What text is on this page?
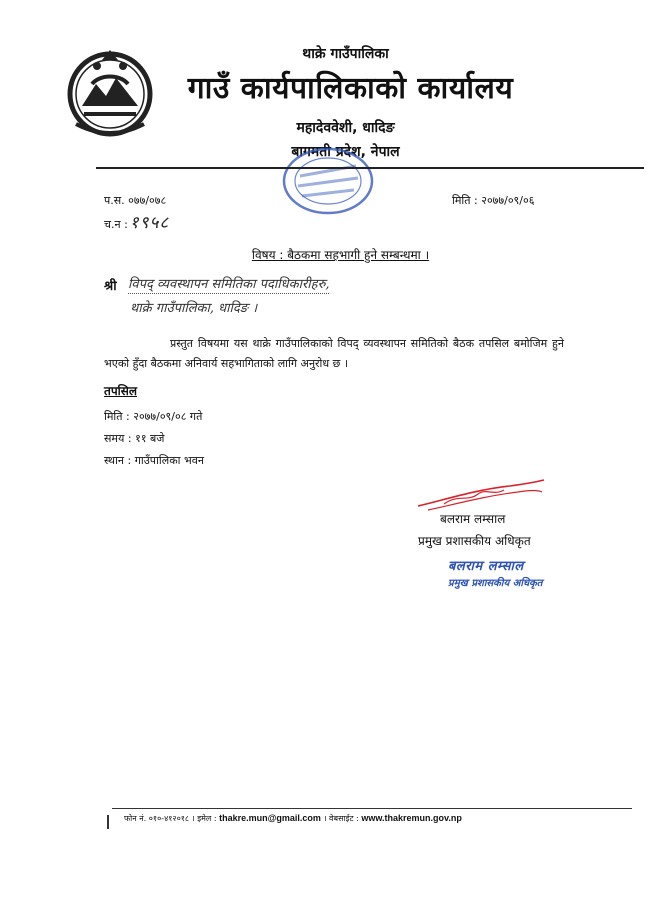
थाक्रे गाउँपालिका
गाउँ कार्यपालिकाको कार्यालय
महादेववेशी, धादिङ
बागमती प्रदेश, नेपाल
प.स. ०७७/०७८	मिति : २०७७/०९/०६
च.न : १९५८
विषय : बैठकमा सहभागी हुने सम्बन्धमा ।
श्री विपद् व्यवस्थापन समितिका पदाधिकारीहरु,
थाक्रे गाउँपालिका, धादिङ ।
प्रस्तुत विषयमा यस थाक्रे गाउँपालिकाको विपद् व्यवस्थापन समितिको बैठक तपसिल बमोजिम हुने भएको हुँदा बैठकमा अनिवार्य सहभागिताको लागि अनुरोध छ ।
तपसिल
मिति : २०७७/०९/०८ गते
समय : ११ बजे
स्थान : गाउँपालिका भवन
बलराम लम्साल
प्रमुख प्रशासकीय अधिकृत
बलराम लम्साल
प्रमुख प्रशासकीय अधिकृत
फोन नं. ०१०-४१२०१८ । इमेल : thakre.mun@gmail.com । वेबसाईट : www.thakremun.gov.np
